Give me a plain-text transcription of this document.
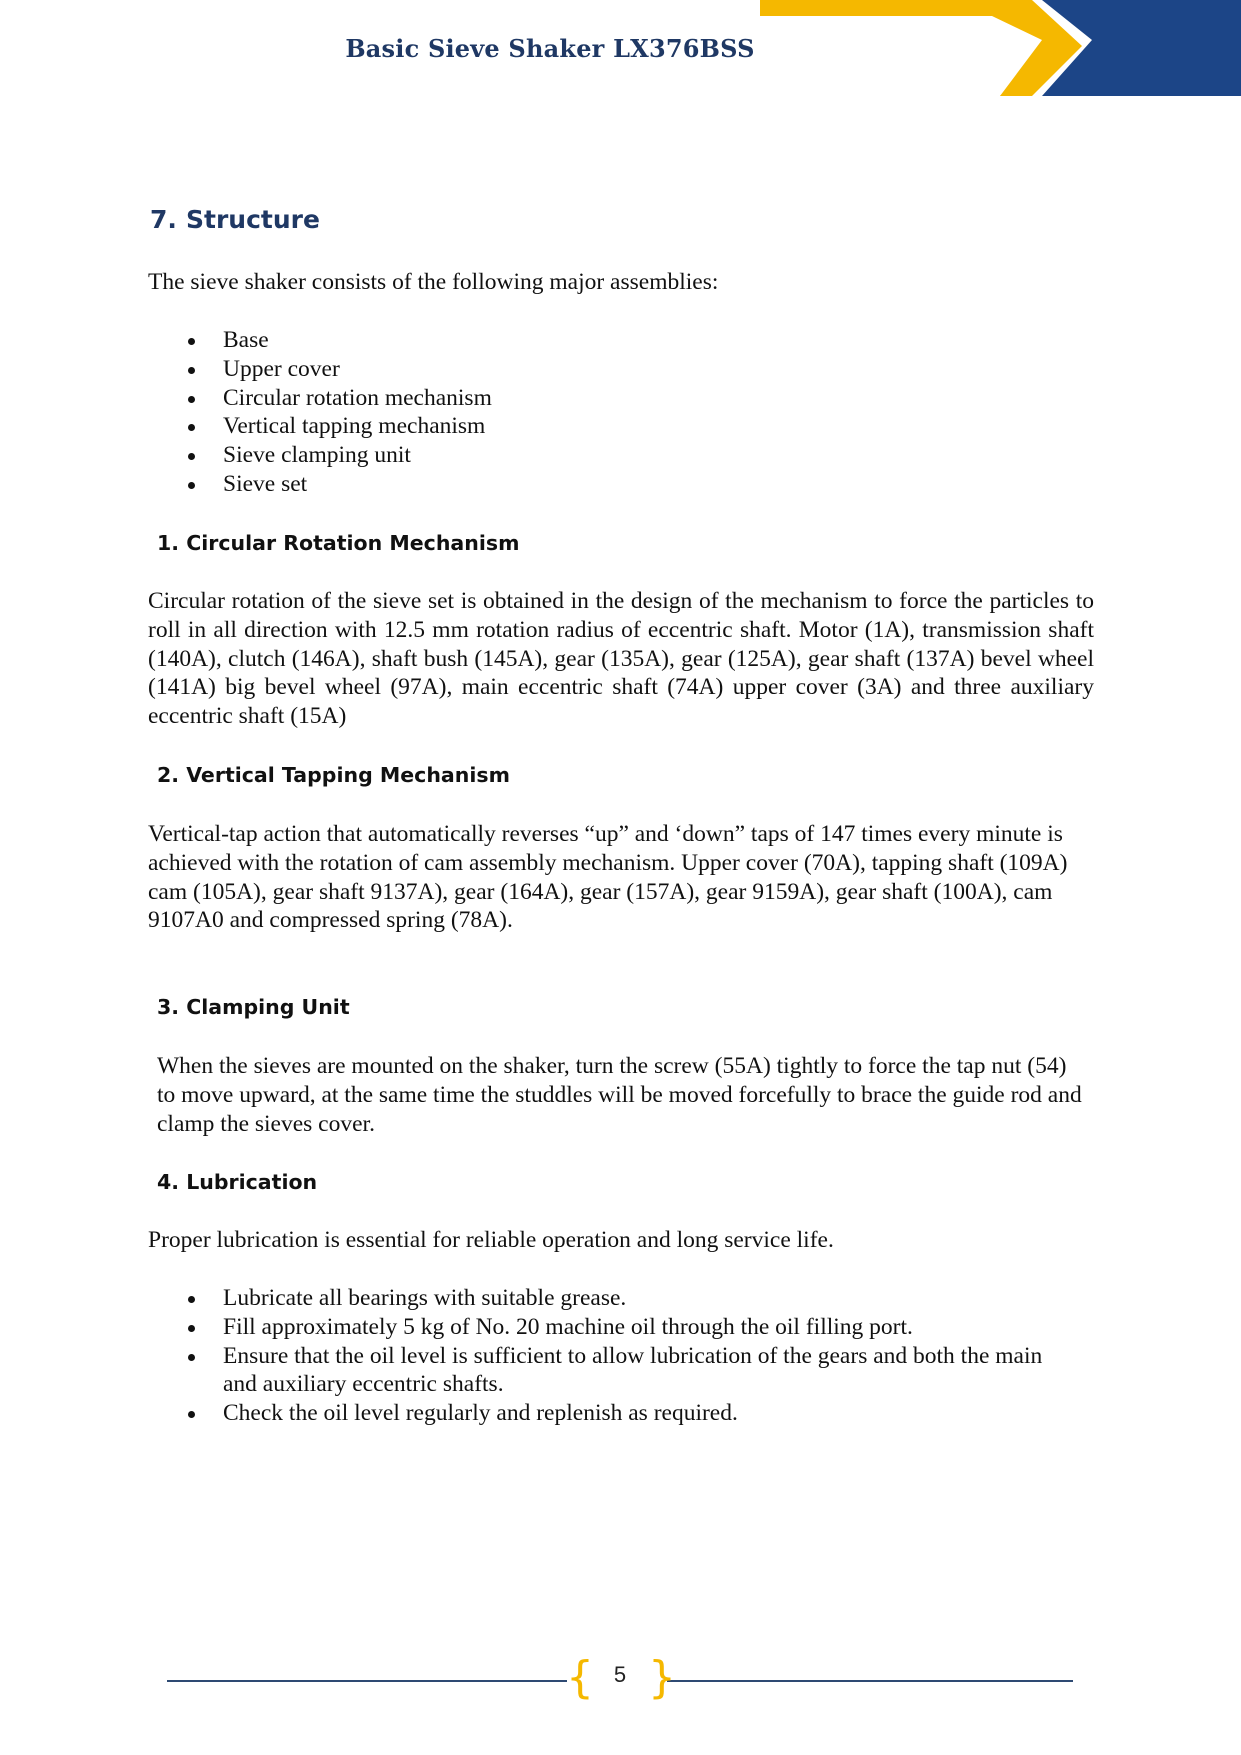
Basic Sieve Shaker LX376BSS
7. Structure

The sieve shaker consists of the following major assemblies:

Base
Upper cover
Circular rotation mechanism
Vertical tapping mechanism
Sieve clamping unit
Sieve set
1. Circular Rotation Mechanism

Circular rotation of the sieve set is obtained in the design of the mechanism to force the particles to roll in all direction with 12.5 mm rotation radius of eccentric shaft. Motor (1A), transmission shaft (140A), clutch (146A), shaft bush (145A), gear (135A), gear (125A), gear shaft (137A) bevel wheel (141A) big bevel wheel (97A), main eccentric shaft (74A) upper cover (3A) and three auxiliary eccentric shaft (15A)

2. Vertical Tapping Mechanism

Vertical-tap action that automatically reverses “up” and ‘down” taps of 147 times every minute is achieved with the rotation of cam assembly mechanism. Upper cover (70A), tapping shaft (109A) cam (105A), gear shaft 9137A), gear (164A), gear (157A), gear 9159A), gear shaft (100A), cam 9107A0 and compressed spring (78A).

3. Clamping Unit

When the sieves are mounted on the shaker, turn the screw (55A) tightly to force the tap nut (54) to move upward, at the same time the studdles will be moved forcefully to brace the guide rod and clamp the sieves cover.

4. Lubrication

Proper lubrication is essential for reliable operation and long service life.

Lubricate all bearings with suitable grease.
Fill approximately 5 kg of No. 20 machine oil through the oil filling port.
Ensure that the oil level is sufficient to allow lubrication of the gears and both the main and auxiliary eccentric shafts.
Check the oil level regularly and replenish as required.
{ }
5
